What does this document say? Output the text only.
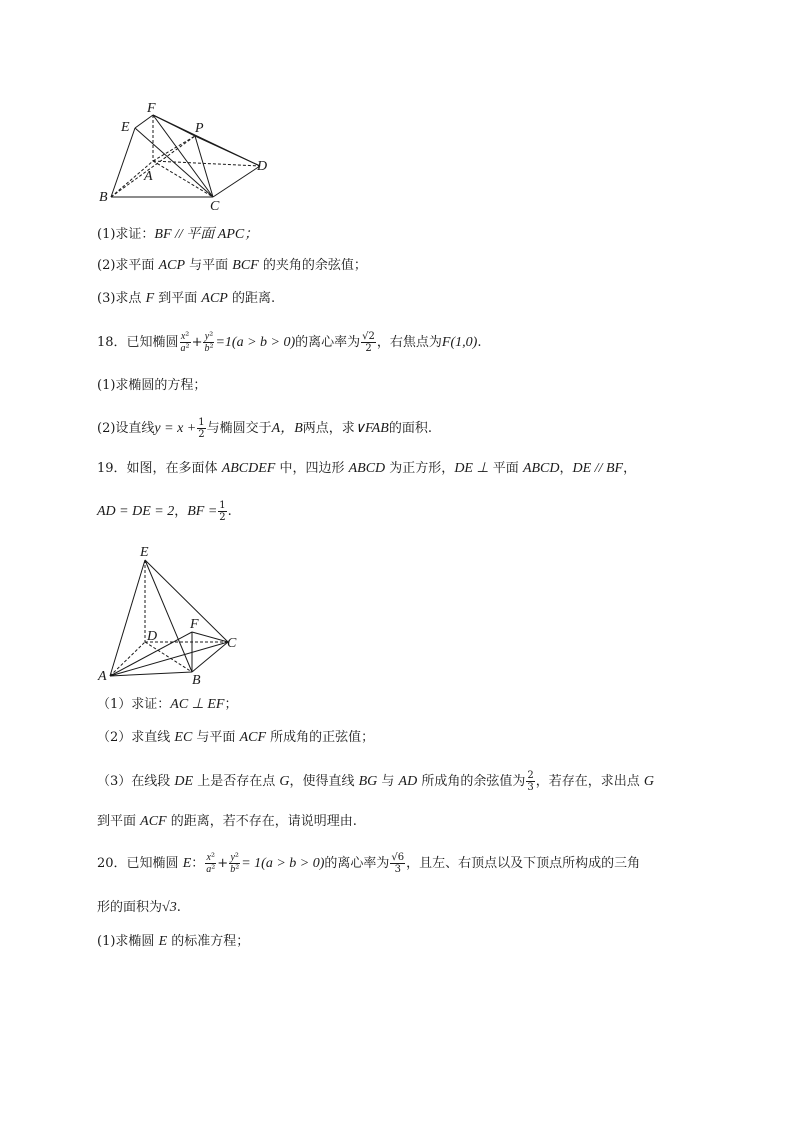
E
F
P
D
A
B
C
(1)求证：BF // 平面 APC；
(2)求平面 ACP 与平面 BCF 的夹角的余弦值；
(3)求点 F 到平面 ACP 的距离.
18．已知椭圆 $\frac{\text{x²}}{\text{a²}} + \frac{\text{y²}}{\text{b²}} =1(a > b > 0)$的离心率为 $\frac{√2}{2}$ ，右焦点为F(1,0).
(1)求椭圆的方程；
(2)设直线$y = x + \frac{1}{2}$ 与椭圆交于A，B两点，求∨FAB的面积.
19．如图，在多面体 ABCDEF 中，四边形 ABCD 为正方形，DE ⊥ 平面 ABCD，DE // BF，
AD = DE = 2，BF = $\frac{1}{2}$ .
E
D
F
C
A	B
（1）求证：AC ⊥ EF；
（2）求直线 EC 与平面 ACF 所成角的正弦值；
（3）在线段 DE 上是否存在点 G，使得直线 BG 与 AD 所成角的余弦值为 $\frac{2}{3}$ ，若存在，求出点 G
到平面 ACF 的距离，若不存在，请说明理由.
20．已知椭圆 E： $\frac{\text{x²}}{\text{a²}} + \frac{\text{y²}}{\text{b²}} = 1(a > b > 0)$的离心率为 $\frac{√6}{3}$ ，且左、右顶点以及下顶点所构成的三角
形的面积为√3.
(1)求椭圆 E 的标准方程；
